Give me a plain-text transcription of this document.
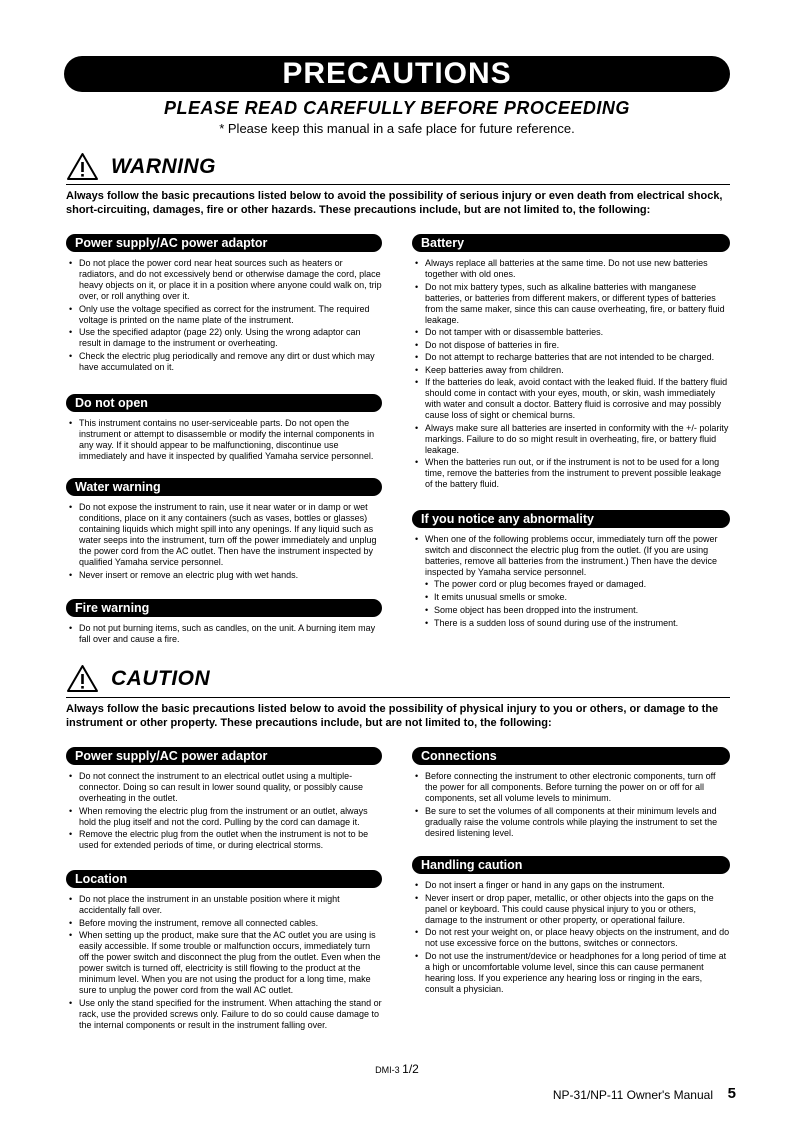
PRECAUTIONS
PLEASE READ CAREFULLY BEFORE PROCEEDING
* Please keep this manual in a safe place for future reference.
WARNING
Always follow the basic precautions listed below to avoid the possibility of serious injury or even death from electrical shock, short-circuiting, damages, fire or other hazards. These precautions include, but are not limited to, the following:
Power supply/AC power adaptor
• Do not place the power cord near heat sources such as heaters or radiators, and do not excessively bend or otherwise damage the cord, place heavy objects on it, or place it in a position where anyone could walk on, trip over, or roll anything over it.
• Only use the voltage specified as correct for the instrument. The required voltage is printed on the name plate of the instrument.
• Use the specified adaptor (page 22) only. Using the wrong adaptor can result in damage to the instrument or overheating.
• Check the electric plug periodically and remove any dirt or dust which may have accumulated on it.
Do not open
• This instrument contains no user-serviceable parts. Do not open the instrument or attempt to disassemble or modify the internal components in any way. If it should appear to be malfunctioning, discontinue use immediately and have it inspected by qualified Yamaha service personnel.
Water warning
• Do not expose the instrument to rain, use it near water or in damp or wet conditions, place on it any containers (such as vases, bottles or glasses) containing liquids which might spill into any openings. If any liquid such as water seeps into the instrument, turn off the power immediately and unplug the power cord from the AC outlet. Then have the instrument inspected by qualified Yamaha service personnel.
• Never insert or remove an electric plug with wet hands.
Fire warning
• Do not put burning items, such as candles, on the unit. A burning item may fall over and cause a fire.
Battery
• Always replace all batteries at the same time. Do not use new batteries together with old ones.
• Do not mix battery types, such as alkaline batteries with manganese batteries, or batteries from different makers, or different types of batteries from the same maker, since this can cause overheating, fire, or battery fluid leakage.
• Do not tamper with or disassemble batteries.
• Do not dispose of batteries in fire.
• Do not attempt to recharge batteries that are not intended to be charged.
• Keep batteries away from children.
• If the batteries do leak, avoid contact with the leaked fluid. If the battery fluid should come in contact with your eyes, mouth, or skin, wash immediately with water and consult a doctor. Battery fluid is corrosive and may possibly cause loss of sight or chemical burns.
• Always make sure all batteries are inserted in conformity with the +/- polarity markings. Failure to do so might result in overheating, fire, or battery fluid leakage.
• When the batteries run out, or if the instrument is not to be used for a long time, remove the batteries from the instrument to prevent possible leakage of the battery fluid.
If you notice any abnormality
• When one of the following problems occur, immediately turn off the power switch and disconnect the electric plug from the outlet. (If you are using batteries, remove all batteries from the instrument.) Then have the device inspected by Yamaha service personnel.
• The power cord or plug becomes frayed or damaged.
• It emits unusual smells or smoke.
• Some object has been dropped into the instrument.
• There is a sudden loss of sound during use of the instrument.
CAUTION
Always follow the basic precautions listed below to avoid the possibility of physical injury to you or others, or damage to the instrument or other property. These precautions include, but are not limited to, the following:
Power supply/AC power adaptor
• Do not connect the instrument to an electrical outlet using a multiple-connector. Doing so can result in lower sound quality, or possibly cause overheating in the outlet.
• When removing the electric plug from the instrument or an outlet, always hold the plug itself and not the cord. Pulling by the cord can damage it.
• Remove the electric plug from the outlet when the instrument is not to be used for extended periods of time, or during electrical storms.
Location
• Do not place the instrument in an unstable position where it might accidentally fall over.
• Before moving the instrument, remove all connected cables.
• When setting up the product, make sure that the AC outlet you are using is easily accessible. If some trouble or malfunction occurs, immediately turn off the power switch and disconnect the plug from the outlet. Even when the power switch is turned off, electricity is still flowing to the product at the minimum level. When you are not using the product for a long time, make sure to unplug the power cord from the wall AC outlet.
• Use only the stand specified for the instrument. When attaching the stand or rack, use the provided screws only. Failure to do so could cause damage to the internal components or result in the instrument falling over.
Connections
• Before connecting the instrument to other electronic components, turn off the power for all components. Before turning the power on or off for all components, set all volume levels to minimum.
• Be sure to set the volumes of all components at their minimum levels and gradually raise the volume controls while playing the instrument to set the desired listening level.
Handling caution
• Do not insert a finger or hand in any gaps on the instrument.
• Never insert or drop paper, metallic, or other objects into the gaps on the panel or keyboard. This could cause physical injury to you or others, damage to the instrument or other property, or operational failure.
• Do not rest your weight on, or place heavy objects on the instrument, and do not use excessive force on the buttons, switches or connectors.
• Do not use the instrument/device or headphones for a long period of time at a high or uncomfortable volume level, since this can cause permanent hearing loss. If you experience any hearing loss or ringing in the ears, consult a physician.
DMI-3 1/2
NP-31/NP-11 Owner's Manual 5
